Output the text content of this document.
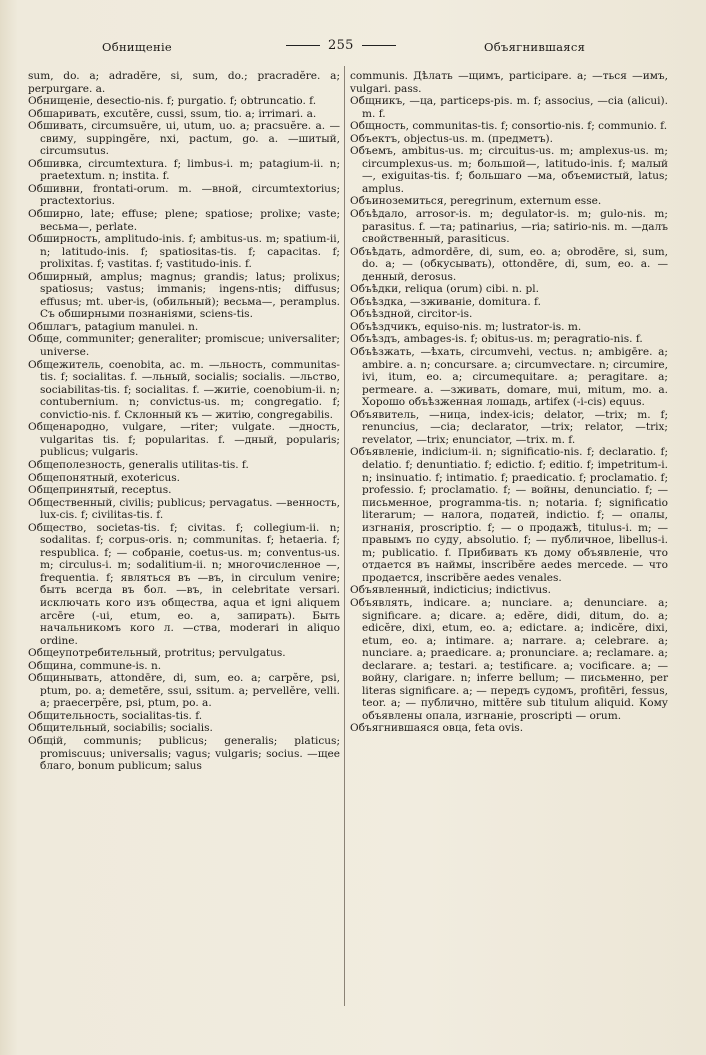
Обнищеніе	255	Объягнившаяся

sum, do. a; adradĕre, si, sum, do.; pracradĕre. a; perpurgare. a.

Обнищеніе, desectio-nis. f; purgatio. f; obtruncatio. f.

Обшаривать, excutĕre, cussi, ssum, tio. a; irrimari. a.

Обшивать, circumsuĕre, ui, utum, uo. a; pracsuĕre. a. — свиму, suppingĕre, nxi, pactum, go. a. —шитый, circumsutus.

Обшивка, circumtextura. f; limbus-i. m; patagium-ii. n; praetextum. n; instita. f.

Обшивни, frontati-orum. m. —вной, circumtextorius; practextorius.

Обширно, late; effuse; plene; spatiose; prolixe; vaste; весьма—, perlate.

Обширность, amplitudo-inis. f; ambitus-us. m; spatium-ii, n; latitudo-inis. f; spatiositas-tis. f; capacitas. f; prolixitas. f; vastitas. f; vastitudo-inis. f.

Обширный, amplus; magnus; grandis; latus; prolixus; spatiosus; vastus; immanis; ingens-ntis; diffusus; effusus; mt. uber-is, (обильный); весьма—, peramplus. Съ обширными познаніями, sciens-tis.

Обшлагъ, patagium manulei. n.

Обще, communiter; generaliter; promiscue; universaliter; universe.

Общежитель, coenobita, ac. m. —льность, communitas-tis. f; socialitas. f. —льный, socialis; socialis. —льство, sociabilitas-tis. f; socialitas. f. —житіе, coenobium-ii. n; contubernium. n; convictus-us. m; congregatio. f; convictio-nis. f. Склонный къ — житію, congregabilis.

Общенародно, vulgare, —riter; vulgate. —дность, vulgaritas tis. f; popularitas. f. —дный, popularis; publicus; vulgaris.

Общеполезность, generalis utilitas-tis. f.

Общепонятный, exotericus.

Общепринятый, receptus.

Общественный, civilis; publicus; pervagatus. —венность, lux-cis. f; civilitas-tis. f.

Общество, societas-tis. f; civitas. f; collegium-ii. n; sodalitas. f; corpus-oris. n; communitas. f; hetaeria. f; respublica. f; — собраніе, coetus-us. m; conventus-us. m; circulus-i. m; sodalitium-ii. n; многочисленное —, frequentia. f; являться въ —въ, in circulum venire; быть всегда въ бол. —въ, in celebritate versari. исключать кого изъ общества, aqua et igni aliquem arcēre (-ui, etum, eo. a, запирать). Быть начальникомъ кого л. —ства, moderari in aliquo ordine.

Общеупотребительный, protritus; pervulgatus.

Община, commune-is. n.

Общинывать, attondēre, di, sum, eo. a; carpĕre, psi, ptum, po. a; demetĕre, ssui, ssitum. a; pervellĕre, velli. a; praecerpĕre, psi, ptum, po. a.

Общительность, socialitas-tis. f.

Общительный, sociabilis; socialis.

Общій, communis; publicus; generalis; platicus; promiscuus; universalis; vagus; vulgaris; socius. —щее благо, bonum publicum; salus

communis. Дѣлать —щимъ, participare. a; —ться —имъ, vulgari. pass.

Общникъ, —ца, particeps-pis. m. f; associus, —cia (alicui). m. f.

Общность, communitas-tis. f; consortio-nis. f; communio. f.

Объектъ, objectus-us. m. (предметъ).

Объемъ, ambitus-us. m; circuitus-us. m; amplexus-us. m; circumplexus-us. m; большой—, latitudo-inis. f; малый —, exiguitas-tis. f; большаго —ма, объемистый, latus; amplus.

Объиноземиться, peregrinum, externum esse.

Объѣдало, arrosor-is. m; degulator-is. m; gulo-nis. m; parasitus. f. —та; patinarius, —ria; satirio-nis. m. —далъ свойственный, parasiticus.

Объѣдать, admordēre, di, sum, eo. a; obrodēre, si, sum, do. a; — (обкусывать), ottondēre, di, sum, eo. a. —денный, derosus.

Объѣдки, reliqua (orum) cibi. n. pl.

Объѣздка, —зживаніе, domitura. f.

Объѣздной, circitor-is.

Объѣздчикъ, equiso-nis. m; lustrator-is. m.

Объѣздъ, ambages-is. f; obitus-us. m; peragratio-nis. f.

Объѣзжать, —ѣхать, circumvehi, vectus. n; ambigēre. a; ambire. a. n; concursare. a; circumvectare. n; circumire, ivi, itum, eo. a; circumequitare. a; peragitare. a; permeare. a. —зживать, domare, mui, mitum, mo. a. Хорошо объѣзженная лошадь, artifex (-i-cis) equus.

Объявитель, —ница, index-icis; delator, —trix; m. f; renuncius, —cia; declarator, —trix; relator, —trix; revelator, —trix; enunciator, —trix. m. f.

Объявленіе, indicium-ii. n; significatio-nis. f; declaratio. f; delatio. f; denuntiatio. f; edictio. f; editio. f; impetritum-i. n; insinuatio. f; intimatio. f; praedicatio. f; proclamatio. f; professio. f; proclamatio. f; — войны, denunciatio. f; — письменное, programma-tis. n; notaria. f; significatio literarum; — налога, податей, indictio. f; — опалы, изгнанія, proscriptio. f; — о продажѣ, titulus-i. m; — правымъ по суду, absolutio. f; — публичное, libellus-i. m; publicatio. f. Прибивать къ дому объявленіе, что отдается въ наймы, inscribĕre aedes mercede. — что продается, inscribĕre aedes venales.

Объявленный, indicticius; indictivus.

Объявлять, indicare. a; nunciare. a; denunciare. a; significare. a; dicare. a; edĕre, didi, ditum, do. a; edicĕre, dixi, etum, eo. a; edictare. a; indicĕre, dixi, etum, eo. a; intimare. a; narrare. a; celebrare. a; nunciare. a; praedicare. a; pronunciare. a; reclamare. a; declarare. a; testari. a; testificare. a; vocificare. a; — войну, clarigare. n; inferre bellum; — письменно, per literas significare. a; — передъ судомъ, profitēri, fessus, teor. a; — публично, mittĕre sub titulum aliquid. Кому объявлены опала, изгнаніе, proscripti — orum.

Объягнившаяся овца, feta ovis.
